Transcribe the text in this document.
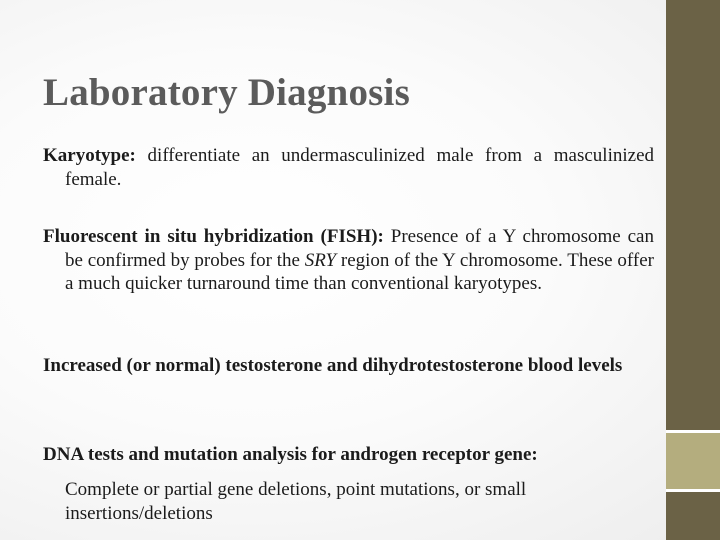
Laboratory Diagnosis

Karyotype: differentiate an undermasculinized male from a masculinized female.

Fluorescent in situ hybridization (FISH): Presence of a Y chromosome can be confirmed by probes for the SRY region of the Y chromosome. These offer a much quicker turnaround time than conventional karyotypes.

Increased (or normal) testosterone and dihydrotestosterone blood levels

DNA tests and mutation analysis for androgen receptor gene:

Complete or partial gene deletions, point mutations, or small insertions/deletions
